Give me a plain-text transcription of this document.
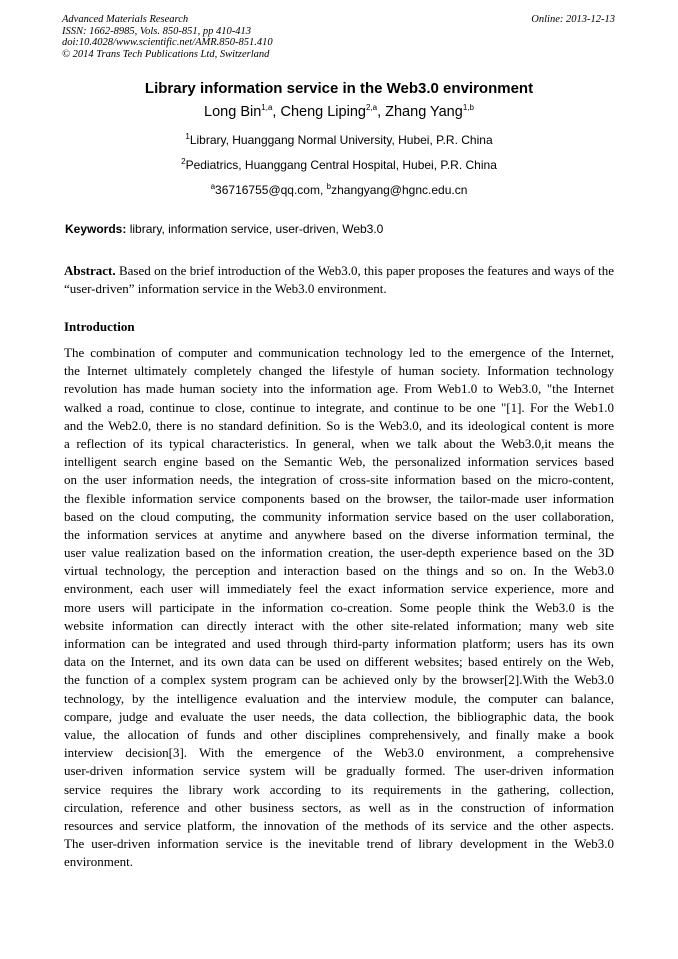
Advanced Materials Research
ISSN: 1662-8985, Vols. 850-851, pp 410-413
doi:10.4028/www.scientific.net/AMR.850-851.410
© 2014 Trans Tech Publications Ltd, Switzerland
Online: 2013-12-13
Library information service in the Web3.0 environment
Long Bin$^{1,a}$, Cheng Liping$^{2,a}$, Zhang Yang$^{1,b}$
$^1$Library, Huanggang Normal University, Hubei, P.R. China
$^2$Pediatrics, Huanggang Central Hospital, Hubei, P.R. China
$^a$36716755@qq.com, $^b$zhangyang@hgnc.edu.cn
Keywords: library, information service, user-driven, Web3.0
Abstract. Based on the brief introduction of the Web3.0, this paper proposes the features and ways of the “user-driven” information service in the Web3.0 environment.
Introduction
The combination of computer and communication technology led to the emergence of the Internet,
the Internet ultimately completely changed the lifestyle of human society. Information technology
revolution has made human society into the information age. From Web1.0 to Web3.0, "the Internet
walked a road, continue to close, continue to integrate, and continue to be one "[1]. For the Web1.0
and the Web2.0, there is no standard definition. So is the Web3.0, and its ideological content is more
a reflection of its typical characteristics. In general, when we talk about the Web3.0,it means the
intelligent search engine based on the Semantic Web, the personalized information services based
on the user information needs, the integration of cross-site information based on the micro-content,
the flexible information service components based on the browser, the tailor-made user information
based on the cloud computing, the community information service based on the user collaboration,
the information services at anytime and anywhere based on the diverse information terminal, the
user value realization based on the information creation, the user-depth experience based on the 3D
virtual technology, the perception and interaction based on the things and so on. In the Web3.0
environment, each user will immediately feel the exact information service experience, more and
more users will participate in the information co-creation. Some people think the Web3.0 is the
website information can directly interact with the other site-related information; many web site
information can be integrated and used through third-party information platform; users has its own
data on the Internet, and its own data can be used on different websites; based entirely on the Web,
the function of a complex system program can be achieved only by the browser[2].With the Web3.0
technology, by the intelligence evaluation and the interview module, the computer can balance,
compare, judge and evaluate the user needs, the data collection, the bibliographic data, the book
value, the allocation of funds and other disciplines comprehensively, and finally make a book
interview decision[3]. With the emergence of the Web3.0 environment, a comprehensive
user-driven information service system will be gradually formed. The user-driven information
service requires the library work according to its requirements in the gathering, collection,
circulation, reference and other business sectors, as well as in the construction of information
resources and service platform, the innovation of the methods of its service and the other aspects.
The user-driven information service is the inevitable trend of library development in the Web3.0
environment.
